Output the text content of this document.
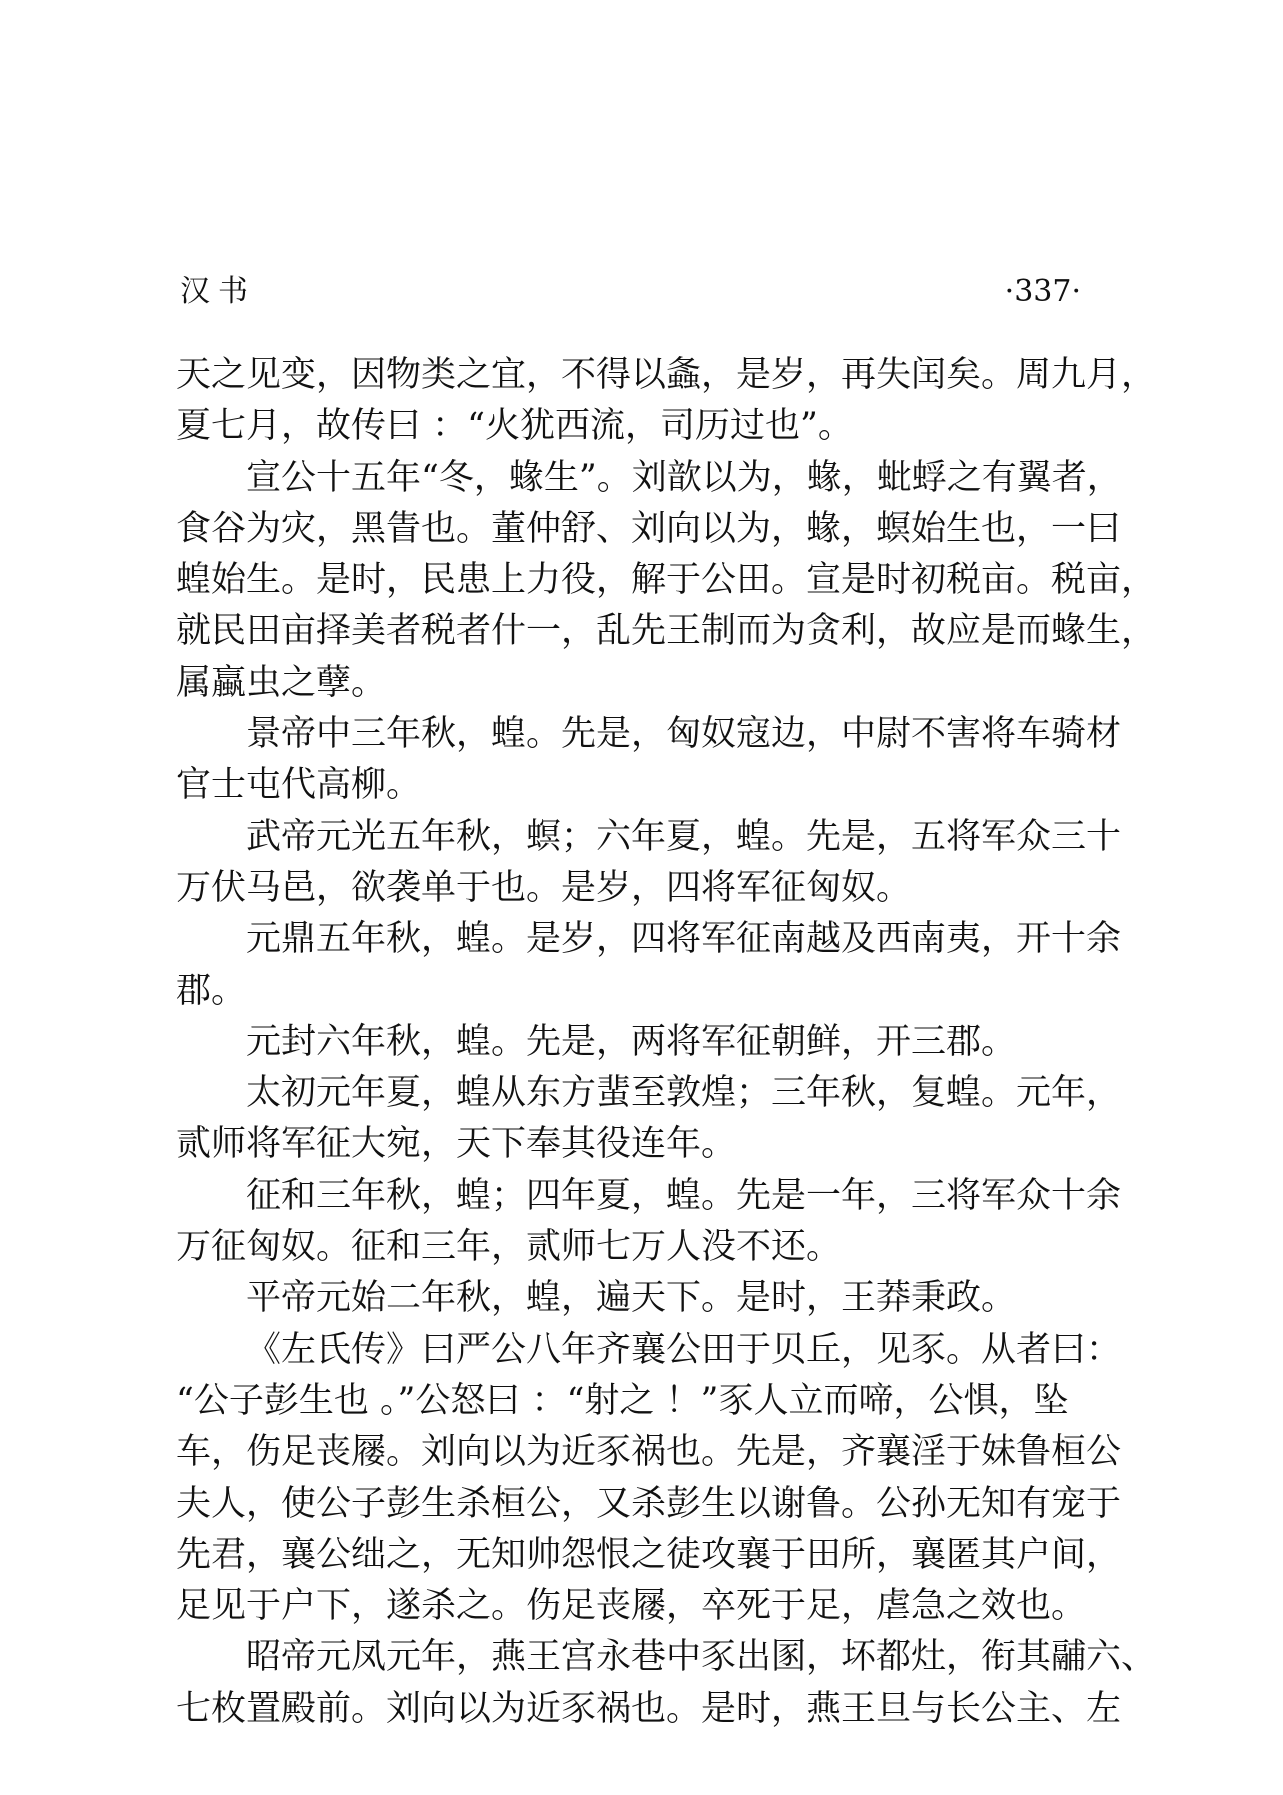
汉书	·337·
天之见变，因物类之宜，不得以螽，是岁，再失闰矣。周九月，
夏七月，故传曰 ：“火犹西流，司历过也”。
宣公十五年“冬，蝝生”。刘歆以为，蝝，蚍蜉之有翼者，
食谷为灾，黑眚也。董仲舒、刘向以为，蝝，螟始生也，一曰
蝗始生。是时，民患上力役，解于公田。宣是时初税亩。税亩，
就民田亩择美者税者什一，乱先王制而为贪利，故应是而蝝生，
属蠃虫之孽。
景帝中三年秋，蝗。先是，匈奴寇边，中尉不害将车骑材
官士屯代高柳。
武帝元光五年秋，螟；六年夏，蝗。先是，五将军众三十
万伏马邑，欲袭单于也。是岁，四将军征匈奴。
元鼎五年秋，蝗。是岁，四将军征南越及西南夷，开十余
郡。
元封六年秋，蝗。先是，两将军征朝鲜，开三郡。
太初元年夏，蝗从东方蜚至敦煌；三年秋，复蝗。元年，
贰师将军征大宛，天下奉其役连年。
征和三年秋，蝗；四年夏，蝗。先是一年，三将军众十余
万征匈奴。征和三年，贰师七万人没不还。
平帝元始二年秋，蝗，遍天下。是时，王莽秉政。
《左氏传》曰严公八年齐襄公田于贝丘，见豕。从者曰：
“公子彭生也 。”公怒曰 ：“射之 ！”豕人立而啼，公惧，坠
车，伤足丧屦。刘向以为近豕祸也。先是，齐襄淫于妹鲁桓公
夫人，使公子彭生杀桓公，又杀彭生以谢鲁。公孙无知有宠于
先君，襄公绌之，无知帅怨恨之徒攻襄于田所，襄匿其户间，
足见于户下，遂杀之。伤足丧屦，卒死于足，虐急之效也。
昭帝元凤元年，燕王宫永巷中豕出圂，坏都灶，衔其鬴六、
七枚置殿前。刘向以为近豕祸也。是时，燕王旦与长公主、左
